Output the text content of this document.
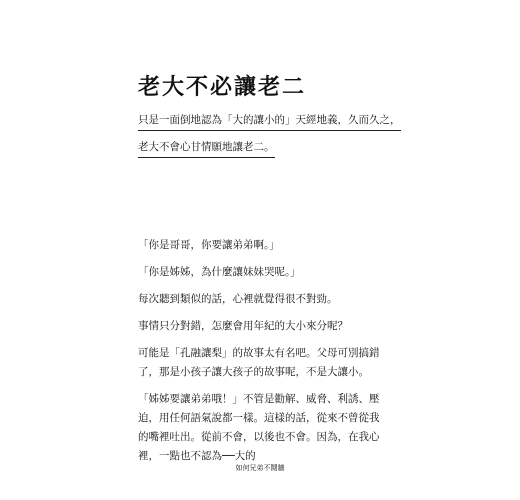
老大不必讓老二
只是一面倒地認為「大的讓小的」天經地義，久而久之，
老大不會心甘情願地讓老二。

「你是哥哥，你要讓弟弟啊。」

「你是姊姊，為什麼讓妹妹哭呢。」

每次聽到類似的話，心裡就覺得很不對勁。

事情只分對錯，怎麼會用年紀的大小來分呢？

可能是「孔融讓梨」的故事太有名吧。父母可別搞錯了，那是小孩子讓大孩子的故事呢，不是大讓小。

「姊姊要讓弟弟哦！」不管是勸解、威脅、利誘、壓迫，用任何語氣說都一樣。這樣的話，從來不曾從我的嘴裡吐出。從前不會，以後也不會。因為，在我心裡，一點也不認為──大的

如何兄弟不鬩牆
